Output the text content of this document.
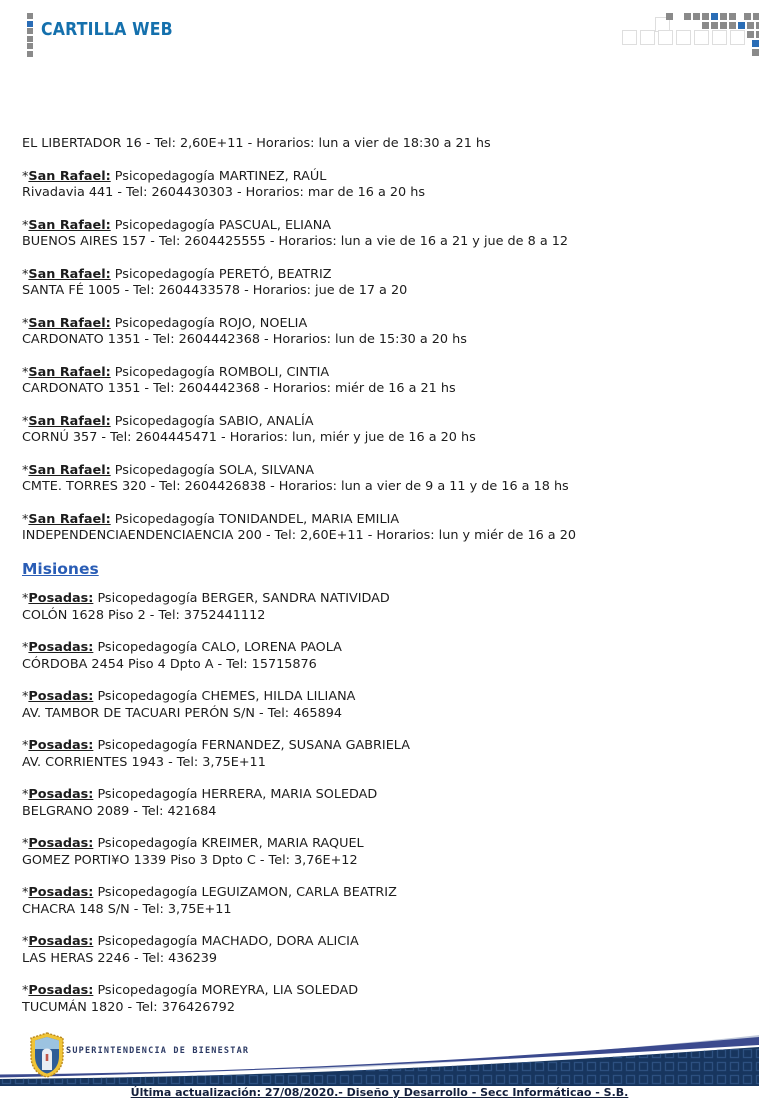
CARTILLA WEB

EL LIBERTADOR 16 - Tel: 2,60E+11 - Horarios: lun a vier de 18:30 a 21 hs

*San Rafael: Psicopedagogía MARTINEZ, RAÚL
Rivadavia 441 - Tel: 2604430303 - Horarios: mar de 16 a 20 hs

*San Rafael: Psicopedagogía PASCUAL, ELIANA
BUENOS AIRES 157 - Tel: 2604425555 - Horarios: lun a vie de 16 a 21 y jue de 8 a 12

*San Rafael: Psicopedagogía PERETÓ, BEATRIZ
SANTA FÉ 1005 - Tel: 2604433578 - Horarios: jue de 17 a 20

*San Rafael: Psicopedagogía ROJO, NOELIA
CARDONATO 1351 - Tel: 2604442368 - Horarios: lun de 15:30 a 20 hs

*San Rafael: Psicopedagogía ROMBOLI, CINTIA
CARDONATO 1351 - Tel: 2604442368 - Horarios: miér de 16 a 21 hs

*San Rafael: Psicopedagogía SABIO, ANALÍA
CORNÚ 357 - Tel: 2604445471 - Horarios: lun, miér y jue de 16 a 20 hs

*San Rafael: Psicopedagogía SOLA, SILVANA
CMTE. TORRES 320 - Tel: 2604426838 - Horarios: lun a vier de 9 a 11 y de 16 a 18 hs

*San Rafael: Psicopedagogía TONIDANDEL, MARIA EMILIA
INDEPENDENCIAENDENCIAENCIA 200 - Tel: 2,60E+11 - Horarios: lun y miér de 16 a 20

Misiones

*Posadas: Psicopedagogía BERGER, SANDRA NATIVIDAD
COLÓN 1628 Piso 2 - Tel: 3752441112

*Posadas: Psicopedagogía CALO, LORENA PAOLA
CÓRDOBA 2454 Piso 4 Dpto A - Tel: 15715876

*Posadas: Psicopedagogía CHEMES, HILDA LILIANA
AV. TAMBOR DE TACUARI PERÓN S/N - Tel: 465894

*Posadas: Psicopedagogía FERNANDEZ, SUSANA GABRIELA
AV. CORRIENTES 1943 - Tel: 3,75E+11

*Posadas: Psicopedagogía HERRERA, MARIA SOLEDAD
BELGRANO 2089 - Tel: 421684

*Posadas: Psicopedagogía KREIMER, MARIA RAQUEL
GOMEZ PORTI¥O 1339 Piso 3 Dpto C - Tel: 3,76E+12

*Posadas: Psicopedagogía LEGUIZAMON, CARLA BEATRIZ
CHACRA 148 S/N - Tel: 3,75E+11

*Posadas: Psicopedagogía MACHADO, DORA ALICIA
LAS HERAS 2246 - Tel: 436239

*Posadas: Psicopedagogía MOREYRA, LIA SOLEDAD
TUCUMÁN 1820 - Tel: 376426792

SUPERINTENDENCIA DE BIENESTAR
Última actualización: 27/08/2020.- Diseño y Desarrollo - Secc Informáticao - S.B.
